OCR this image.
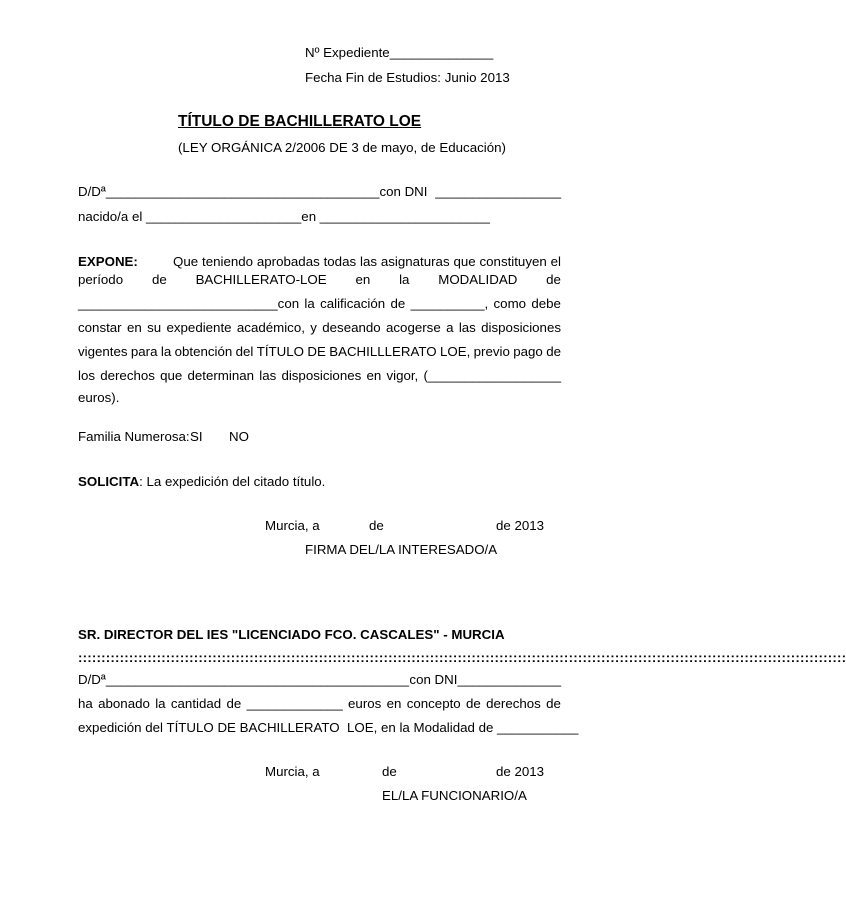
Nº Expediente______________
Fecha Fin de Estudios: Junio 2013
TÍTULO DE BACHILLERATO LOE
(LEY ORGÁNICA 2/2006 DE 3 de mayo, de Educación)
D/Dª_____________________________________con DNI _________________
nacido/a el _____________________en _______________________
EXPONE:	Que teniendo aprobadas todas las asignaturas que constituyen el
período de BACHILLERATO-LOE en la MODALIDAD de
___________________________con la calificación de __________, como debe
constar en su expediente académico, y deseando acogerse a las disposiciones
vigentes para la obtención del TÍTULO DE BACHILLLERATO LOE, previo pago de
los derechos que determinan las disposiciones en vigor, (__________________
euros).
Familia Numerosa: SI NO
SOLICITA: La expedición del citado título.
Murcia, a	de	de 2013
FIRMA DEL/LA INTERESADO/A
SR. DIRECTOR DEL IES "LICENCIADO FCO. CASCALES" - MURCIA
::::::::::::::::::::::::::::::::::::::::::::::::::::::::::::::::::::::::::::::::::::::::::::::::::::::::::::::::::::::::::::::::::::::::::::::::::::::::::::::::::::::
D/Dª_________________________________________ con DNI______________
ha abonado la cantidad de _____________ euros en concepto de derechos de
expedición del TÍTULO DE BACHILLERATO  LOE, en la Modalidad de ___________
Murcia, a	de	de 2013
EL/LA FUNCIONARIO/A
